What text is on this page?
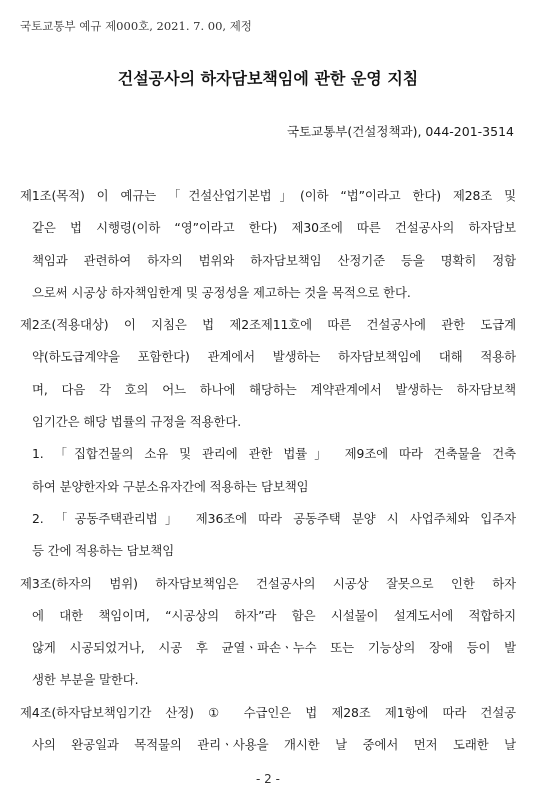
국토교통부 예규 제000호, 2021. 7. 00, 제정
건설공사의 하자담보책임에 관한 운영 지침
국토교통부(건설정책과), 044-201-3514
제1조(목적) 이 예규는 「건설산업기본법」(이하 “법”이라고 한다) 제28조 및
같은 법 시행령(이하 “영”이라고 한다) 제30조에 따른 건설공사의 하자담보
책임과 관련하여 하자의 범위와 하자담보책임 산정기준 등을 명확히 정함
으로써 시공상 하자책임한계 및 공정성을 제고하는 것을 목적으로 한다.
제2조(적용대상) 이 지침은 법 제2조제11호에 따른 건설공사에 관한 도급계
약(하도급계약을 포함한다) 관계에서 발생하는 하자담보책임에 대해 적용하
며, 다음 각 호의 어느 하나에 해당하는 계약관계에서 발생하는 하자담보책
임기간은 해당 법률의 규정을 적용한다.
1. 「집합건물의 소유 및 관리에 관한 법률」 제9조에 따라 건축물을 건축
하여 분양한자와 구분소유자간에 적용하는 담보책임
2. 「공동주택관리법」 제36조에 따라 공동주택 분양 시 사업주체와 입주자
등 간에 적용하는 담보책임
제3조(하자의 범위) 하자담보책임은 건설공사의 시공상 잘못으로 인한 하자
에 대한 책임이며, “시공상의 하자”라 함은 시설물이 설계도서에 적합하지
않게 시공되었거나, 시공 후 균열ㆍ파손ㆍ누수 또는 기능상의 장애 등이 발
생한 부분을 말한다.
제4조(하자담보책임기간 산정) ① 수급인은 법 제28조 제1항에 따라 건설공
사의 완공일과 목적물의 관리ㆍ사용을 개시한 날 중에서 먼저 도래한 날
- 2 -
